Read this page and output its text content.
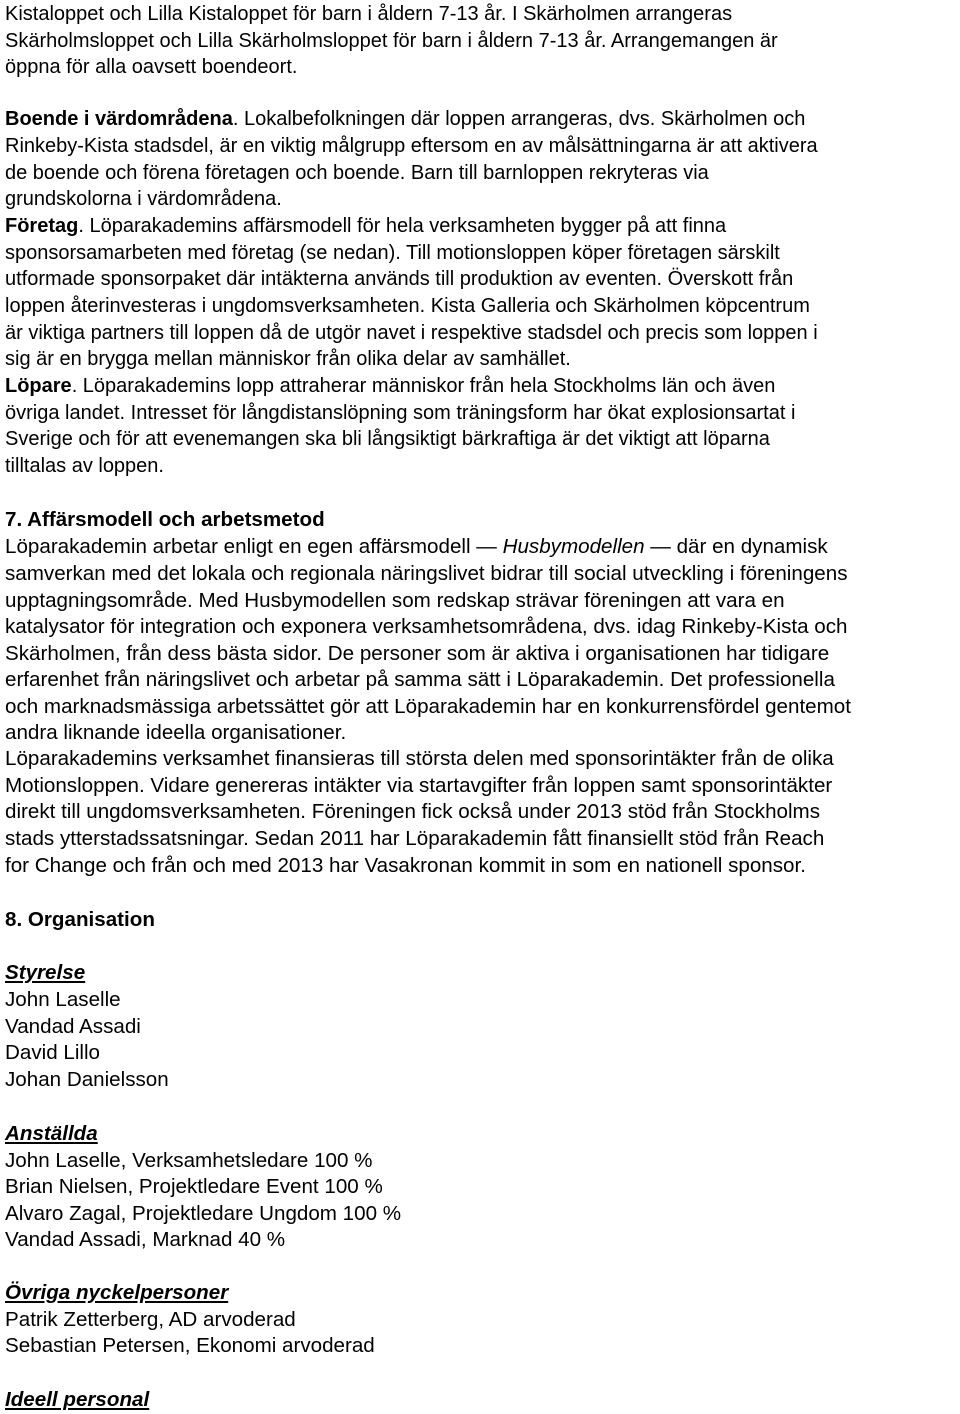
Kistaloppet och Lilla Kistaloppet för barn i åldern 7-13 år. I Skärholmen arrangeras
Skärholmsloppet och Lilla Skärholmsloppet för barn i åldern 7-13 år. Arrangemangen är
öppna för alla oavsett boendeort.
Boende i värdområdena. Lokalbefolkningen där loppen arrangeras, dvs. Skärholmen och
Rinkeby-Kista stadsdel, är en viktig målgrupp eftersom en av målsättningarna är att aktivera
de boende och förena företagen och boende. Barn till barnloppen rekryteras via
grundskolorna i värdområdena.
Företag. Löparakademins affärsmodell för hela verksamheten bygger på att finna
sponsorsamarbeten med företag (se nedan). Till motionsloppen köper företagen särskilt
utformade sponsorpaket där intäkterna används till produktion av eventen. Överskott från
loppen återinvesteras i ungdomsverksamheten. Kista Galleria och Skärholmen köpcentrum
är viktiga partners till loppen då de utgör navet i respektive stadsdel och precis som loppen i
sig är en brygga mellan människor från olika delar av samhället.
Löpare. Löparakademins lopp attraherar människor från hela Stockholms län och även
övriga landet. Intresset för långdistanslöpning som träningsform har ökat explosionsartat i
Sverige och för att evenemangen ska bli långsiktigt bärkraftiga är det viktigt att löparna
tilltalas av loppen.
7. Affärsmodell och arbetsmetod
Löparakademin arbetar enligt en egen affärsmodell — Husbymodellen — där en dynamisk
samverkan med det lokala och regionala näringslivet bidrar till social utveckling i föreningens
upptagningsområde. Med Husbymodellen som redskap strävar föreningen att vara en
katalysator för integration och exponera verksamhetsområdena, dvs. idag Rinkeby-Kista och
Skärholmen, från dess bästa sidor. De personer som är aktiva i organisationen har tidigare
erfarenhet från näringslivet och arbetar på samma sätt i Löparakademin. Det professionella
och marknadsmässiga arbetssättet gör att Löparakademin har en konkurrensfördel gentemot
andra liknande ideella organisationer.
Löparakademins verksamhet finansieras till största delen med sponsorintäkter från de olika
Motionsloppen. Vidare genereras intäkter via startavgifter från loppen samt sponsorintäkter
direkt till ungdomsverksamheten. Föreningen fick också under 2013 stöd från Stockholms
stads ytterstadssatsningar. Sedan 2011 har Löparakademin fått finansiellt stöd från Reach
for Change och från och med 2013 har Vasakronan kommit in som en nationell sponsor.
8. Organisation
Styrelse
John Laselle
Vandad Assadi
David Lillo
Johan Danielsson
Anställda
John Laselle, Verksamhetsledare 100 %
Brian Nielsen, Projektledare Event 100 %
Alvaro Zagal, Projektledare Ungdom 100 %
Vandad Assadi, Marknad 40 %
Övriga nyckelpersoner
Patrik Zetterberg, AD arvoderad
Sebastian Petersen, Ekonomi arvoderad
Ideell personal
